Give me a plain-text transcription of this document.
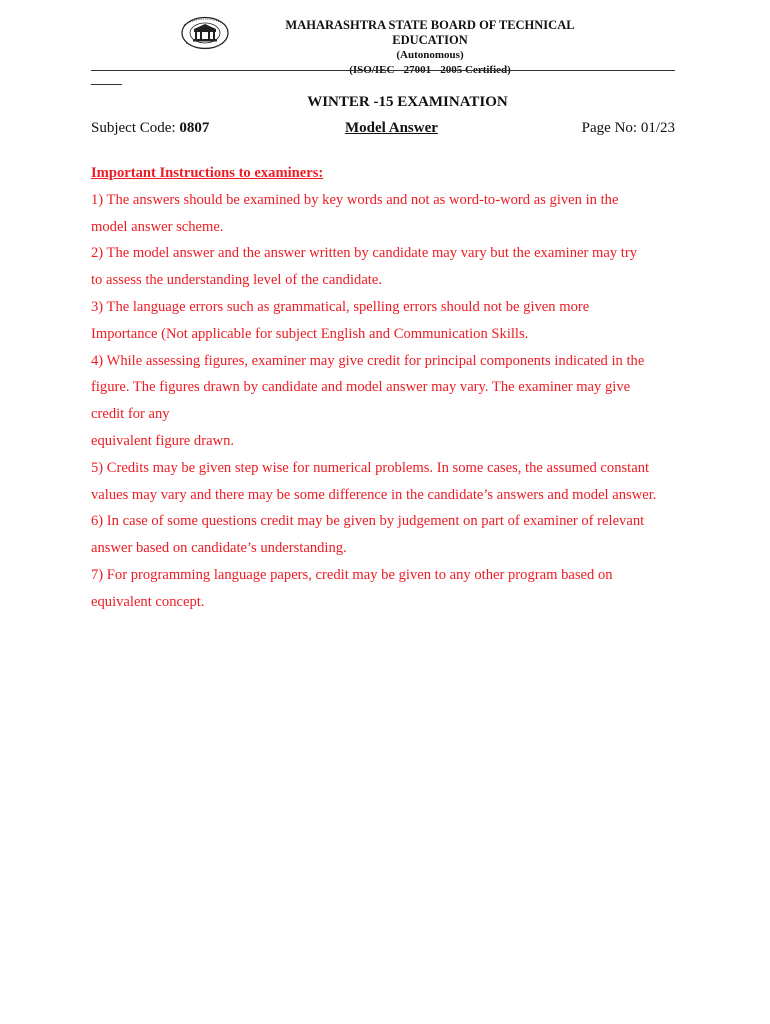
MAHARASHTRA STATE BOARD OF TECHNICAL EDUCATION
(Autonomous)
(ISO/IEC - 27001 - 2005 Certified)
WINTER -15 EXAMINATION
Subject Code: 0807	Model Answer	Page No: 01/23

Important Instructions to examiners:

1) The answers should be examined by key words and not as word-to-word as given in the

model answer scheme.

2) The model answer and the answer written by candidate may vary but the examiner may try

to assess the understanding level of the candidate.

3) The language errors such as grammatical, spelling errors should not be given more

Importance (Not applicable for subject English and Communication Skills.

4) While assessing figures, examiner may give credit for principal components indicated in the

figure. The figures drawn by candidate and model answer may vary. The examiner may give

credit for any

equivalent figure drawn.

5) Credits may be given step wise for numerical problems. In some cases, the assumed constant

values may vary and there may be some difference in the candidate’s answers and model answer.

6) In case of some questions credit may be given by judgement on part of examiner of relevant

answer based on candidate’s understanding.

7) For programming language papers, credit may be given to any other program based on

equivalent concept.
